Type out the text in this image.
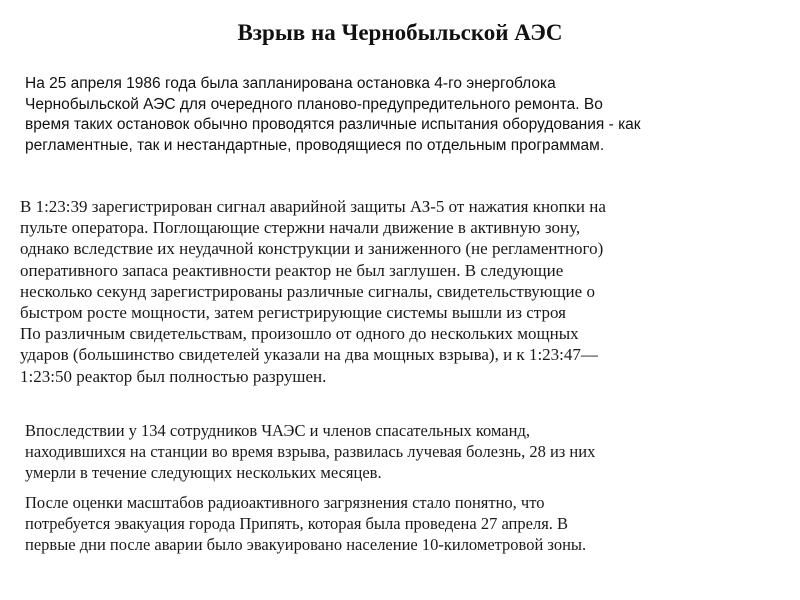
Взрыв на Чернобыльской АЭС

На 25 апреля 1986 года была запланирована остановка 4-го энергоблока
Чернобыльской АЭС для очередного планово-предупредительного ремонта. Во
время таких остановок обычно проводятся различные испытания оборудования - как
регламентные, так и нестандартные, проводящиеся по отдельным программам.

В 1:23:39 зарегистрирован сигнал аварийной защиты АЗ-5 от нажатия кнопки на
пульте оператора. Поглощающие стержни начали движение в активную зону,
однако вследствие их неудачной конструкции и заниженного (не регламентного)
оперативного запаса реактивности реактор не был заглушен. В следующие
несколько секунд зарегистрированы различные сигналы, свидетельствующие о
быстром росте мощности, затем регистрирующие системы вышли из строя
По различным свидетельствам, произошло от одного до нескольких мощных
ударов (большинство свидетелей указали на два мощных взрыва), и к 1:23:47—
1:23:50 реактор был полностью разрушен.

Впоследствии у 134 сотрудников ЧАЭС и членов спасательных команд,
находившихся на станции во время взрыва, развилась лучевая болезнь, 28 из них
умерли в течение следующих нескольких месяцев.

После оценки масштабов радиоактивного загрязнения стало понятно, что
потребуется эвакуация города Припять, которая была проведена 27 апреля. В
первые дни после аварии было эвакуировано население 10-километровой зоны.
